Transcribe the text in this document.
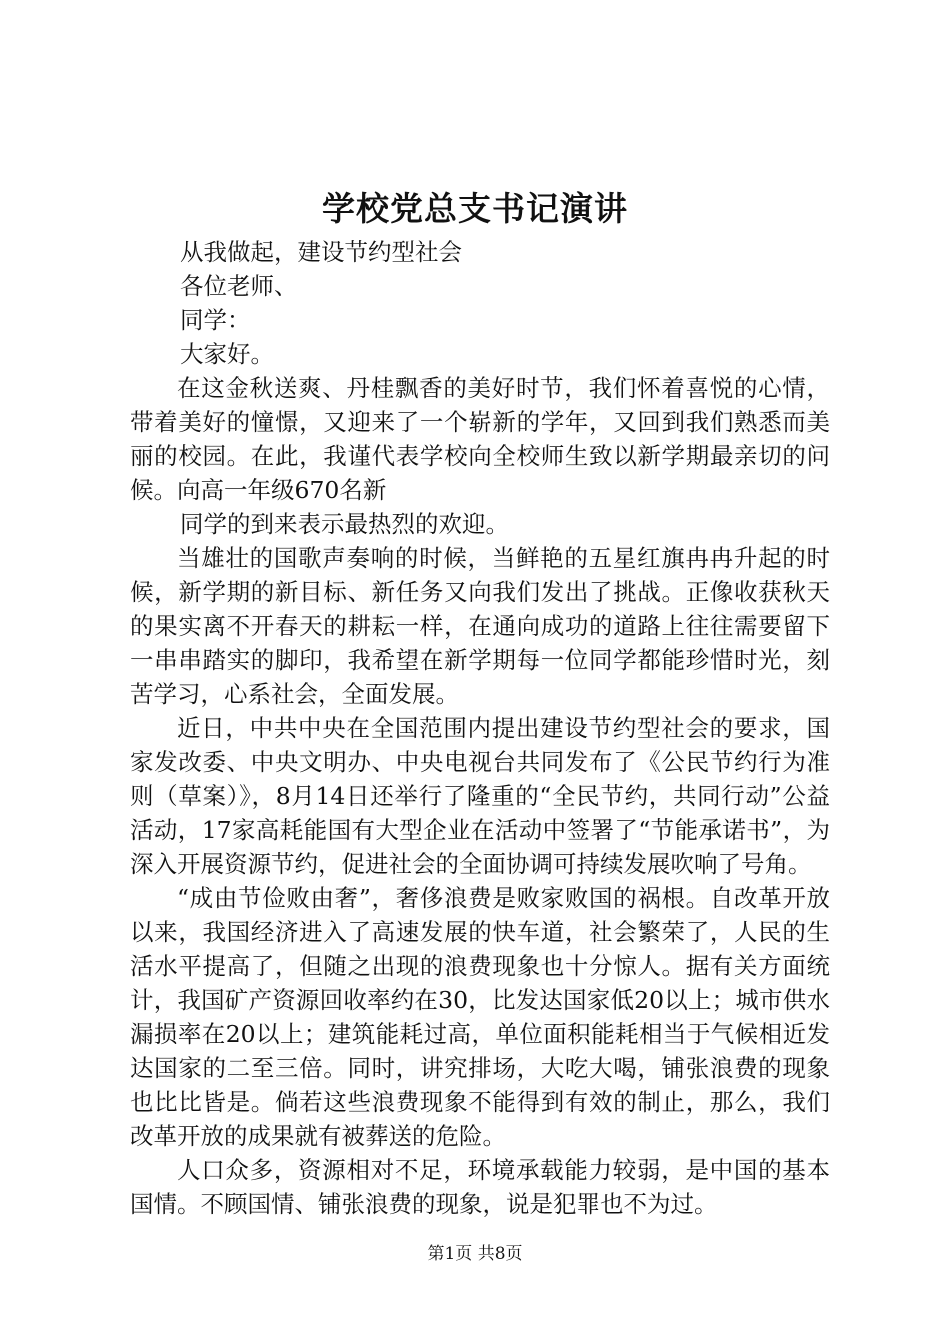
学校党总支书记演讲

从我做起，建设节约型社会

各位老师、

同学：

大家好。

在这金秋送爽、丹桂飘香的美好时节，我们怀着喜悦的心情，带着美好的憧憬，又迎来了一个崭新的学年，又回到我们熟悉而美丽的校园。在此，我谨代表学校向全校师生致以新学期最亲切的问候。向高一年级670名新

同学的到来表示最热烈的欢迎。

当雄壮的国歌声奏响的时候，当鲜艳的五星红旗冉冉升起的时候，新学期的新目标、新任务又向我们发出了挑战。正像收获秋天的果实离不开春天的耕耘一样，在通向成功的道路上往往需要留下一串串踏实的脚印，我希望在新学期每一位同学都能珍惜时光，刻苦学习，心系社会，全面发展。

近日，中共中央在全国范围内提出建设节约型社会的要求，国家发改委、中央文明办、中央电视台共同发布了《公民节约行为准则（草案）》，8月14日还举行了隆重的“全民节约，共同行动”公益活动，17家高耗能国有大型企业在活动中签署了“节能承诺书”，为深入开展资源节约，促进社会的全面协调可持续发展吹响了号角。

“成由节俭败由奢”，奢侈浪费是败家败国的祸根。自改革开放以来，我国经济进入了高速发展的快车道，社会繁荣了，人民的生活水平提高了，但随之出现的浪费现象也十分惊人。据有关方面统计，我国矿产资源回收率约在30，比发达国家低20以上；城市供水漏损率在20以上；建筑能耗过高，单位面积能耗相当于气候相近发达国家的二至三倍。同时，讲究排场，大吃大喝，铺张浪费的现象也比比皆是。倘若这些浪费现象不能得到有效的制止，那么，我们改革开放的成果就有被葬送的危险。

人口众多，资源相对不足，环境承载能力较弱，是中国的基本国情。不顾国情、铺张浪费的现象，说是犯罪也不为过。

第1页 共8页
